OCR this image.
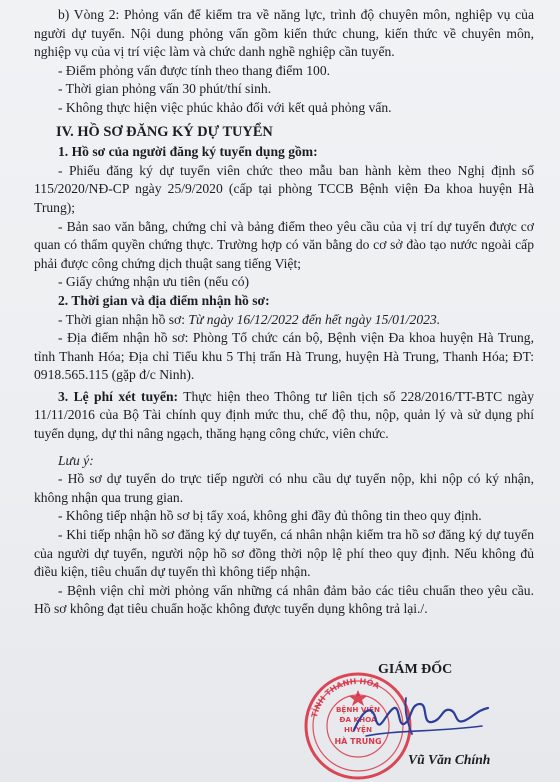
b) Vòng 2: Phỏng vấn để kiểm tra về năng lực, trình độ chuyên môn, nghiệp vụ của người dự tuyển. Nội dung phỏng vấn gồm kiến thức chung, kiến thức về chuyên môn, nghiệp vụ của vị trí việc làm và chức danh nghề nghiệp cần tuyển.

- Điểm phỏng vấn được tính theo thang điểm 100.

- Thời gian phỏng vấn 30 phút/thí sinh.

- Không thực hiện việc phúc khảo đối với kết quả phỏng vấn.

IV. HỒ SƠ ĐĂNG KÝ DỰ TUYỂN

1. Hồ sơ của người đăng ký tuyển dụng gồm:

- Phiếu đăng ký dự tuyển viên chức theo mẫu ban hành kèm theo Nghị định số 115/2020/NĐ-CP ngày 25/9/2020 (cấp tại phòng TCCB Bệnh viện Đa khoa huyện Hà Trung);

- Bản sao văn bằng, chứng chỉ và bảng điểm theo yêu cầu của vị trí dự tuyển được cơ quan có thẩm quyền chứng thực. Trường hợp có văn bằng do cơ sở đào tạo nước ngoài cấp phải được công chứng dịch thuật sang tiếng Việt;

- Giấy chứng nhận ưu tiên (nếu có)

2. Thời gian và địa điểm nhận hồ sơ:

- Thời gian nhận hồ sơ: Từ ngày 16/12/2022 đến hết ngày 15/01/2023.

- Địa điểm nhận hồ sơ: Phòng Tổ chức cán bộ, Bệnh viện Đa khoa huyện Hà Trung, tỉnh Thanh Hóa; Địa chỉ Tiểu khu 5 Thị trấn Hà Trung, huyện Hà Trung, Thanh Hóa; ĐT: 0918.565.115 (gặp đ/c Ninh).

3. Lệ phí xét tuyển: Thực hiện theo Thông tư liên tịch số 228/2016/TT-BTC ngày 11/11/2016 của Bộ Tài chính quy định mức thu, chế độ thu, nộp, quản lý và sử dụng phí tuyển dụng, dự thi nâng ngạch, thăng hạng công chức, viên chức.

Lưu ý:

- Hồ sơ dự tuyển do trực tiếp người có nhu cầu dự tuyển nộp, khi nộp có ký nhận, không nhận qua trung gian.

- Không tiếp nhận hồ sơ bị tẩy xoá, không ghi đầy đủ thông tin theo quy định.

- Khi tiếp nhận hồ sơ đăng ký dự tuyển, cá nhân nhận kiểm tra hồ sơ đăng ký dự tuyển của người dự tuyển, người nộp hồ sơ đồng thời nộp lệ phí theo quy định. Nếu không đủ điều kiện, tiêu chuẩn dự tuyển thì không tiếp nhận.

- Bệnh viện chỉ mời phỏng vấn những cá nhân đảm bảo các tiêu chuẩn theo yêu cầu. Hồ sơ không đạt tiêu chuẩn hoặc không được tuyển dụng không trả lại./.

GIÁM ĐỐC
TỈNH THANH HÓA
BỆNH VIỆN
ĐA KHOA
HUYỆN
HÀ TRUNG
Vũ Văn Chính
